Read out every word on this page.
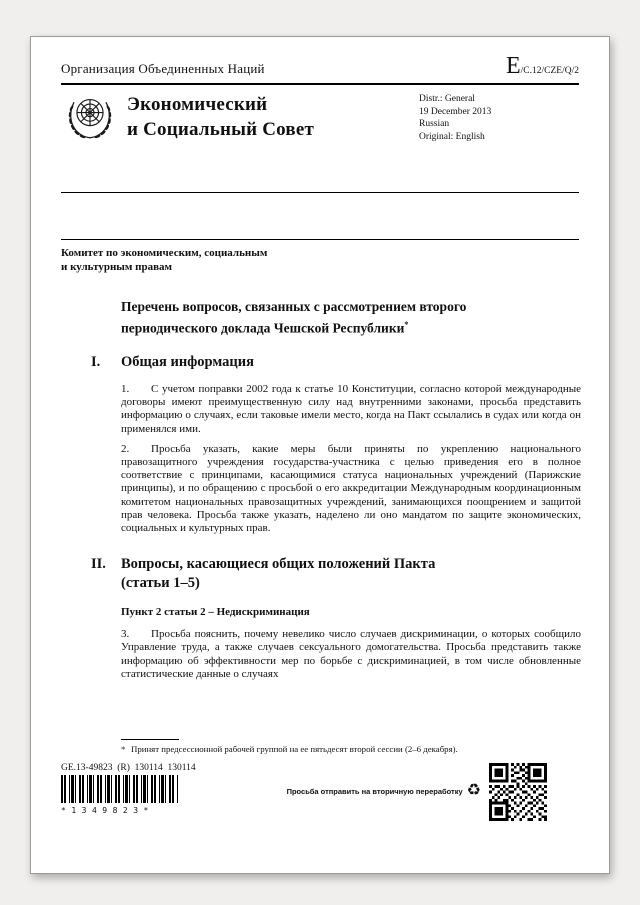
Организация Объединенных Наций	E/C.12/CZE/Q/2
Экономический
и Социальный Совет
Distr.: General
19 December 2013
Russian
Original: English
Комитет по экономическим, социальным
и культурным правам
Перечень вопросов, связанных с рассмотрением второго периодического доклада Чешской Республики*
I.	Общая информация

1. С учетом поправки 2002 года к статье 10 Конституции, согласно которой международные договоры имеют преимущественную силу над внутренними законами, просьба представить информацию о случаях, если таковые имели место, когда на Пакт ссылались в судах или когда он применялся ими.

2. Просьба указать, какие меры были приняты по укреплению национального правозащитного учреждения государства-участника с целью приведения его в полное соответствие с принципами, касающимися статуса национальных учреждений (Парижские принципы), и по обращению с просьбой о его аккредитации Международным координационным комитетом национальных правозащитных учреждений, занимающихся поощрением и защитой прав человека. Просьба также указать, наделено ли оно мандатом по защите экономических, социальных и культурных прав.

II.	Вопросы, касающиеся общих положений Пакта
(статьи 1–5)
Пункт 2 статьи 2 – Недискриминация

3. Просьба пояснить, почему невелико число случаев дискриминации, о которых сообщило Управление труда, а также случаев сексуального домогательства. Просьба представить также информацию об эффективности мер по борьбе с дискриминацией, в том числе обновленные статистические данные о случаях

* Принят предсессионной рабочей группой на ее пятьдесят второй сессии (2–6 декабря).
GE.13-49823  (R)  130114  130114
*1349823*
Просьба отправить на вторичную переработку ♻
